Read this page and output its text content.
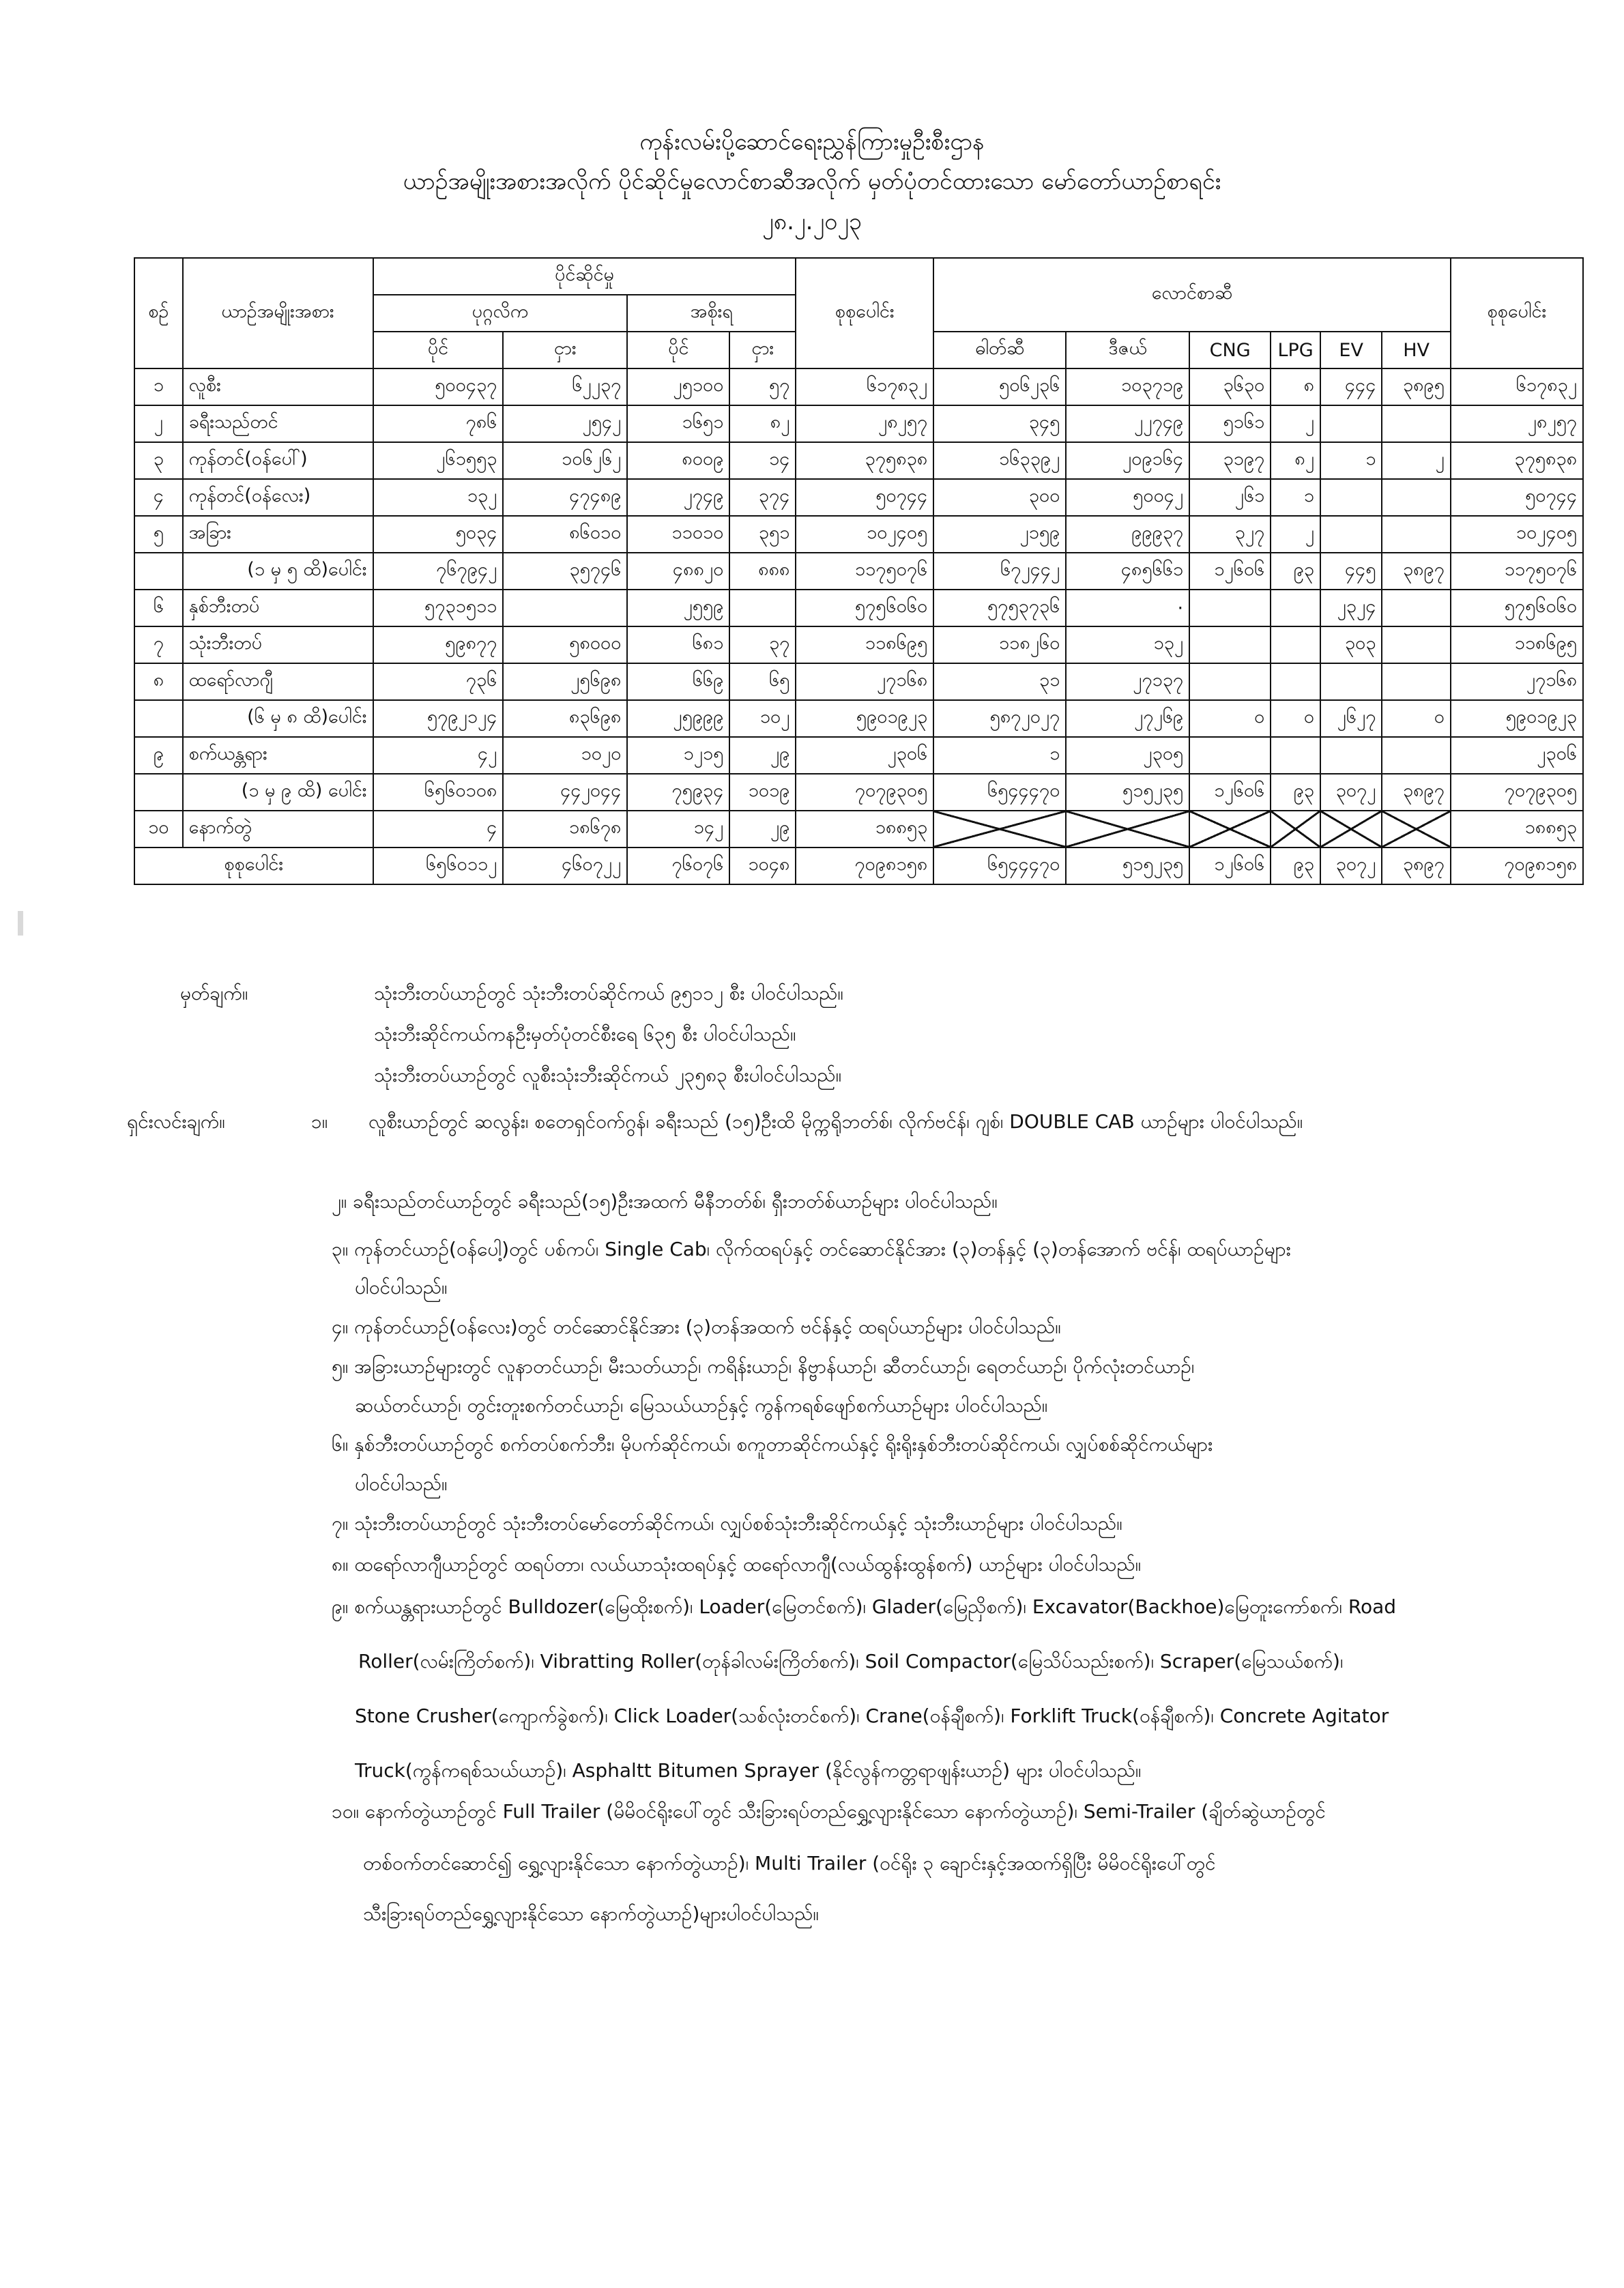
ကုန်းလမ်းပို့ဆောင်ရေးညွှန်ကြားမှုဦးစီးဌာန
ယာဉ်အမျိုးအစားအလိုက် ပိုင်ဆိုင်မှုလောင်စာဆီအလိုက် မှတ်ပုံတင်ထားသော မော်တော်ယာဉ်စာရင်း
၂၈.၂.၂၀၂၃
စဉ်	ယာဉ်အမျိုးအစား	ပိုင်ဆိုင်မှု				စုစုပေါင်း	လောင်စာဆီ						စုစုပေါင်း
		ပုဂ္ဂလိက		အစိုးရ									
		ပိုင်	ငှား	ပိုင်	ငှား		ဓါတ်ဆီ	ဒီဇယ်	CNG	LPG	EV	HV	
၁	လူစီး	၅၀၀၄၃၇	၆၂၂၃၇	၂၅၁၀၀	၅၇	၆၁၇၈၃၂	၅၀၆၂၃၆	၁၀၃၇၁၉	၃၆၃၀	၈	၄၄၄	၃၈၉၅	၆၁၇၈၃၂
၂	ခရီးသည်တင်	၇၈၆	၂၅၄၂	၁၆၅၁	၈၂	၂၈၂၅၇	၃၄၅	၂၂၇၄၉	၅၁၆၁	၂			၂၈၂၅၇
၃	ကုန်တင်(ဝန်ပေါ်)	၂၆၁၅၅၃	၁၀၆၂၆၂	၈၀၀၉	၁၄	၃၇၅၈၃၈	၁၆၃၃၉၂	၂၀၉၁၆၄	၃၁၉၇	၈၂	၁	၂	၃၇၅၈၃၈
၄	ကုန်တင်(ဝန်လေး)	၁၃၂	၄၇၄၈၉	၂၇၄၉	၃၇၄	၅၀၇၄၄	၃၀၀	၅၀၀၄၂	၂၆၁	၁			၅၀၇၄၄
၅	အခြား	၅၀၃၄	၈၆၀၁၀	၁၁၀၁၀	၃၅၁	၁၀၂၄၀၅	၂၁၅၉	၉၉၉၃၇	၃၂၇	၂			၁၀၂၄၀၅
	(၁ မှ ၅ ထိ)ပေါင်း	၇၆၇၉၄၂	၃၅၇၄၆	၄၈၈၂၀	၈၈၈	၁၁၇၅၀၇၆	၆၇၂၄၄၂	၄၈၅၆၆၁	၁၂၆၀၆	၉၃	၄၄၅	၃၈၉၇	၁၁၇၅၀၇၆
၆	နှစ်ဘီးတပ်	၅၇၃၁၅၁၁		၂၅၅၉		၅၇၅၆၀၆၀	၅၇၅၃၇၃၆	·			၂၃၂၄		၅၇၅၆၀၆၀
၇	သုံးဘီးတပ်	၅၉၈၇၇	၅၈၀၀၀	၆၈၁	၃၇	၁၁၈၆၉၅	၁၁၈၂၆၀	၁၃၂			၃၀၃		၁၁၈၆၉၅
၈	ထရော်လာဂျီ	၇၃၆	၂၅၆၉၈	၆၆၉	၆၅	၂၇၁၆၈	၃၁	၂၇၁၃၇					၂၇၁၆၈
	(၆ မှ ၈ ထိ)ပေါင်း	၅၇၉၂၁၂၄	၈၃၆၉၈	၂၅၉၉၉	၁၀၂	၅၉၀၁၉၂၃	၅၈၇၂၀၂၇	၂၇၂၆၉	၀	၀	၂၆၂၇	၀	၅၉၀၁၉၂၃
၉	စက်ယန္တရား	၄၂	၁၀၂၀	၁၂၁၅	၂၉	၂၃၀၆	၁	၂၃၀၅					၂၃၀၆
	(၁ မှ ၉ ထိ) ပေါင်း	၆၅၆၀၁၀၈	၄၄၂၀၄၄	၇၅၉၃၄	၁၀၁၉	၇၀၇၉၃၀၅	၆၅၄၄၄၇၀	၅၁၅၂၃၅	၁၂၆၀၆	၉၃	၃၀၇၂	၃၈၉၇	၇၀၇၉၃၀၅
၁၀	နောက်တွဲ	၄	၁၈၆၇၈	၁၄၂	၂၉	၁၈၈၅၃							၁၈၈၅၃
စုစုပေါင်း		၆၅၆၀၁၁၂	၄၆၀၇၂၂	၇၆၀၇၆	၁၀၄၈	၇၀၉၈၁၅၈	၆၅၄၄၄၇၀	၅၁၅၂၃၅	၁၂၆၀၆	၉၃	၃၀၇၂	၃၈၉၇	၇၀၉၈၁၅၈
မှတ်ချက်။	သုံးဘီးတပ်ယာဉ်တွင် သုံးဘီးတပ်ဆိုင်ကယ် ၉၅၁၁၂ စီး ပါဝင်ပါသည်။
သုံးဘီးဆိုင်ကယ်ကနဦးမှတ်ပုံတင်စီးရေ ၆၃၅ စီး ပါဝင်ပါသည်။
သုံးဘီးတပ်ယာဉ်တွင် လူစီးသုံးဘီးဆိုင်ကယ် ၂၃၅၈၃ စီးပါဝင်ပါသည်။
ရှင်းလင်းချက်။	၁။ လူစီးယာဉ်တွင် ဆလွန်း၊ စတေရှင်ဝက်ဂွန်၊ ခရီးသည် (၁၅)ဦးထိ မိုက္ကရိုဘတ်စ်၊ လိုက်ဗင်န်၊ ဂျစ်၊ DOUBLE CAB ယာဉ်များ ပါဝင်ပါသည်။
၂။ ခရီးသည်တင်ယာဉ်တွင် ခရီးသည်(၁၅)ဦးအထက် မီနီဘတ်စ်၊ ရှီးဘတ်စ်ယာဉ်များ ပါဝင်ပါသည်။
၃။ ကုန်တင်ယာဉ်(ဝန်ပေါ့)တွင် ပစ်ကပ်၊ Single Cab၊ လိုက်ထရပ်နှင့် တင်ဆောင်နိုင်အား (၃)တန်နှင့် (၃)တန်အောက် ဗင်န်၊ ထရပ်ယာဉ်များ
ပါဝင်ပါသည်။
၄။ ကုန်တင်ယာဉ်(ဝန်လေး)တွင် တင်ဆောင်နိုင်အား (၃)တန်အထက် ဗင်န်နှင့် ထရပ်ယာဉ်များ ပါဝင်ပါသည်။
၅။ အခြားယာဉ်များတွင် လူနာတင်ယာဉ်၊ မီးသတ်ယာဉ်၊ ကရိန်းယာဉ်၊ နိဗ္ဗာန်ယာဉ်၊ ဆီတင်ယာဉ်၊ ရေတင်ယာဉ်၊ ပိုက်လုံးတင်ယာဉ်၊
ဆယ်တင်ယာဉ်၊ တွင်းတူးစက်တင်ယာဉ်၊ မြေသယ်ယာဉ်နှင့် ကွန်ကရစ်ဖျော်စက်ယာဉ်များ ပါဝင်ပါသည်။
၆။ နှစ်ဘီးတပ်ယာဉ်တွင် စက်တပ်စက်ဘီး၊ မိုပက်ဆိုင်ကယ်၊ စကူတာဆိုင်ကယ်နှင့် ရိုးရိုးနှစ်ဘီးတပ်ဆိုင်ကယ်၊ လျှပ်စစ်ဆိုင်ကယ်များ
ပါဝင်ပါသည်။
၇။ သုံးဘီးတပ်ယာဉ်တွင် သုံးဘီးတပ်မော်တော်ဆိုင်ကယ်၊ လျှပ်စစ်သုံးဘီးဆိုင်ကယ်နှင့် သုံးဘီးယာဉ်များ ပါဝင်ပါသည်။
၈။ ထရော်လာဂျီယာဉ်တွင် ထရပ်တာ၊ လယ်ယာသုံးထရပ်နှင့် ထရော်လာဂျီ(လယ်ထွန်းထွန်စက်) ယာဉ်များ ပါဝင်ပါသည်။
၉။ စက်ယန္တရားယာဉ်တွင် Bulldozer(မြေထိုးစက်)၊ Loader(မြေတင်စက်)၊ Glader(မြေညှိစက်)၊ Excavator(Backhoe)မြေတူးကော်စက်၊ Road
Roller(လမ်းကြိတ်စက်)၊ Vibratting Roller(တုန်ခါလမ်းကြိတ်စက်)၊ Soil Compactor(မြေသိပ်သည်းစက်)၊ Scraper(မြေသယ်စက်)၊
Stone Crusher(ကျောက်ခွဲစက်)၊ Click Loader(သစ်လုံးတင်စက်)၊ Crane(ဝန်ချီစက်)၊ Forklift Truck(ဝန်ချီစက်)၊ Concrete Agitator
Truck(ကွန်ကရစ်သယ်ယာဉ်)၊ Asphaltt Bitumen Sprayer (နိုင်လွန်ကတ္တရာဖျန်းယာဉ်) များ ပါဝင်ပါသည်။
၁၀။ နောက်တွဲယာဉ်တွင် Full Trailer (မိမိဝင်ရိုးပေါ်တွင် သီးခြားရပ်တည်ရွှေ့လျားနိုင်သော နောက်တွဲယာဉ်)၊ Semi-Trailer (ချိတ်ဆွဲယာဉ်တွင်
တစ်ဝက်တင်ဆောင်၍ ရွှေ့လျားနိုင်သော နောက်တွဲယာဉ်)၊ Multi Trailer (ဝင်ရိုး ၃ ချောင်းနှင့်အထက်ရှိပြီး မိမိဝင်ရိုးပေါ်တွင်
သီးခြားရပ်တည်ရွှေ့လျားနိုင်သော နောက်တွဲယာဉ်)များပါဝင်ပါသည်။
